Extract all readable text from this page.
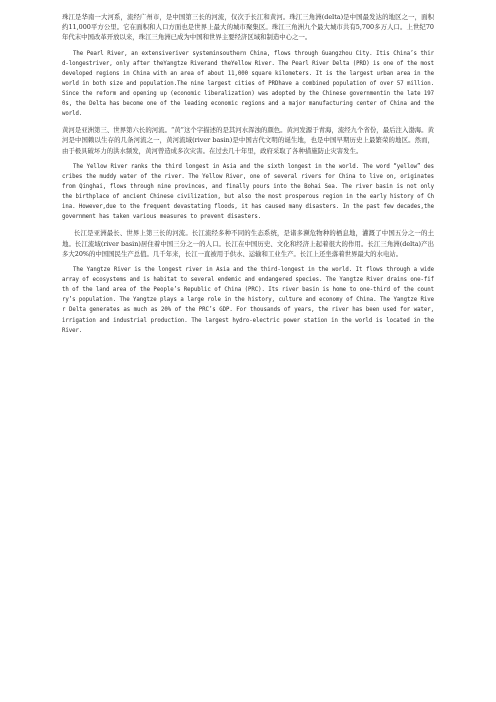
珠江是华南一大河系，流经广州市，是中国第三长的河流，仅次于长江和黄河。珠江三角洲(delta)是中国最发达的地区之一，面积约11,000平方公里。它在面积和人口方面也是世界上最大的城市聚集区。珠江三角洲九个最大城市共有5,700多万人口。上世纪70年代末中国改革开放以来，珠江三角洲已成为中国和世界主要经济区域和制造中心之一。

The Pearl River, an extensiveriver systeminsouthern China, flows through Guangzhou City. Itis China’s third-longestriver, only after theYangtze Riverand theYellow River. The Pearl River Delta (PRD) is one of the most developed regions in China with an area of about 11,000 square kilometers. It is the largest urban area in the world in both size and population.The nine largest cities of PRDhave a combined population of over 57 million.Since the reform and opening up (economic liberalization) was adopted by the Chinese governmentin the late 1970s, the Delta has become one of the leading economic regions and a major manufacturing center of China and the world.

黄河是亚洲第三、世界第六长的河流。“黄”这个字描述的是其河水浑浊的颜色。黄河发源于青海，流经九个省份，最后注入渤海。黄河是中国赖以生存的几条河流之一，黄河流域(river basin)是中国古代文明的诞生地，也是中国早期历史上最繁荣的地区。然而，由于极具破坏力的洪水频发，黄河曾造成多次灾害。在过去几十年里，政府采取了各种措施防止灾害发生。

The Yellow River ranks the third longest in Asia and the sixth longest in the world. The word “yellow” describes the muddy water of the river. The Yellow River, one of several rivers for China to live on, originates from Qinghai, flows through nine provinces, and finally pours into the Bohai Sea. The river basin is not only the birthplace of ancient Chinese civilization, but also the most prosperous region in the early history of China. However,due to the frequent devastating floods, it has caused many disasters. In the past few decades,the government has taken various measures to prevent disasters.

长江是亚洲最长、世界上第三长的河流。长江流经多种不同的生态系统，是诸多濒危物种的栖息地，灌溉了中国五分之一的土地。长江流域(river basin)居住着中国三分之一的人口。长江在中国历史、文化和经济上起着很大的作用。长江三角洲(delta)产出多大20%的中国国民生产总值。几千年来，长江一直被用于供水、运输和工业生产。长江上还坐落着世界最大的水电站。

The Yangtze River is the longest river in Asia and the third-longest in the world. It flows through a wide array of ecosystems and is habitat to several endemic and endangered species. The Yangtze River drains one-fifth of the land area of the People’s Republic of China (PRC). Its river basin is home to one-third of the country’s population. The Yangtze plays a large role in the history, culture and economy of China. The Yangtze River Delta generates as much as 20% of the PRC’s GDP. For thousands of years, the river has been used for water, irrigation and industrial production. The largest hydro-electric power station in the world is located in the River.
